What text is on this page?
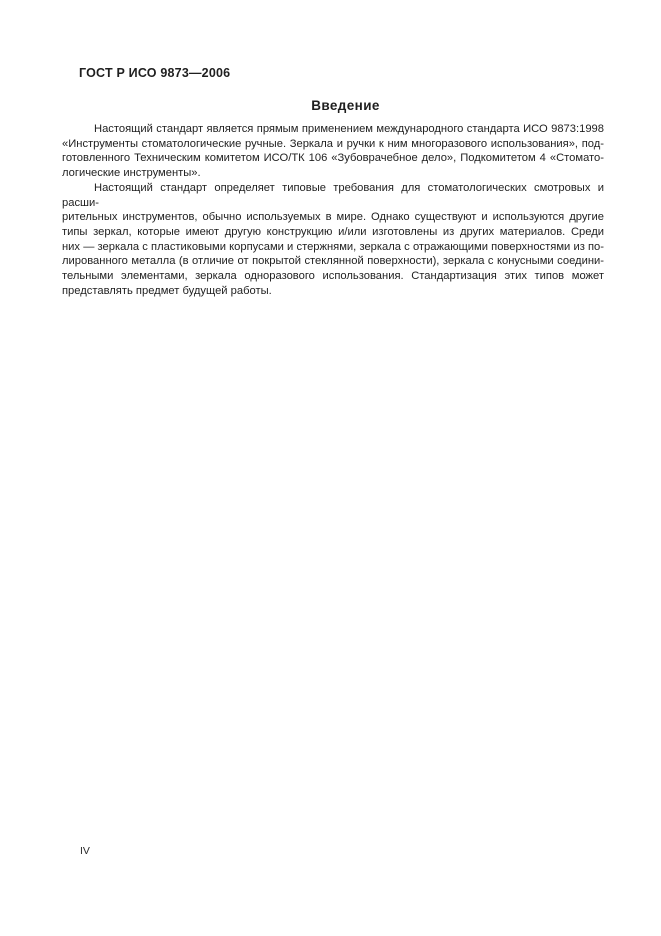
ГОСТ Р ИСО 9873—2006
Введение

Настоящий стандарт является прямым применением международного стандарта ИСО 9873:1998
«Инструменты стоматологические ручные. Зеркала и ручки к ним многоразового использования», под-
готовленного Техническим комитетом ИСО/ТК 106 «Зубоврачебное дело», Подкомитетом 4 «Стомато-
логические инструменты».

Настоящий стандарт определяет типовые требования для стоматологических смотровых и расши-
рительных инструментов, обычно используемых в мире. Однако существуют и используются другие
типы зеркал, которые имеют другую конструкцию и/или изготовлены из других материалов. Среди
них — зеркала с пластиковыми корпусами и стержнями, зеркала с отражающими поверхностями из по-
лированного металла (в отличие от покрытой стеклянной поверхности), зеркала с конусными соедини-
тельными элементами, зеркала одноразового использования. Стандартизация этих типов может
представлять предмет будущей работы.

IV
